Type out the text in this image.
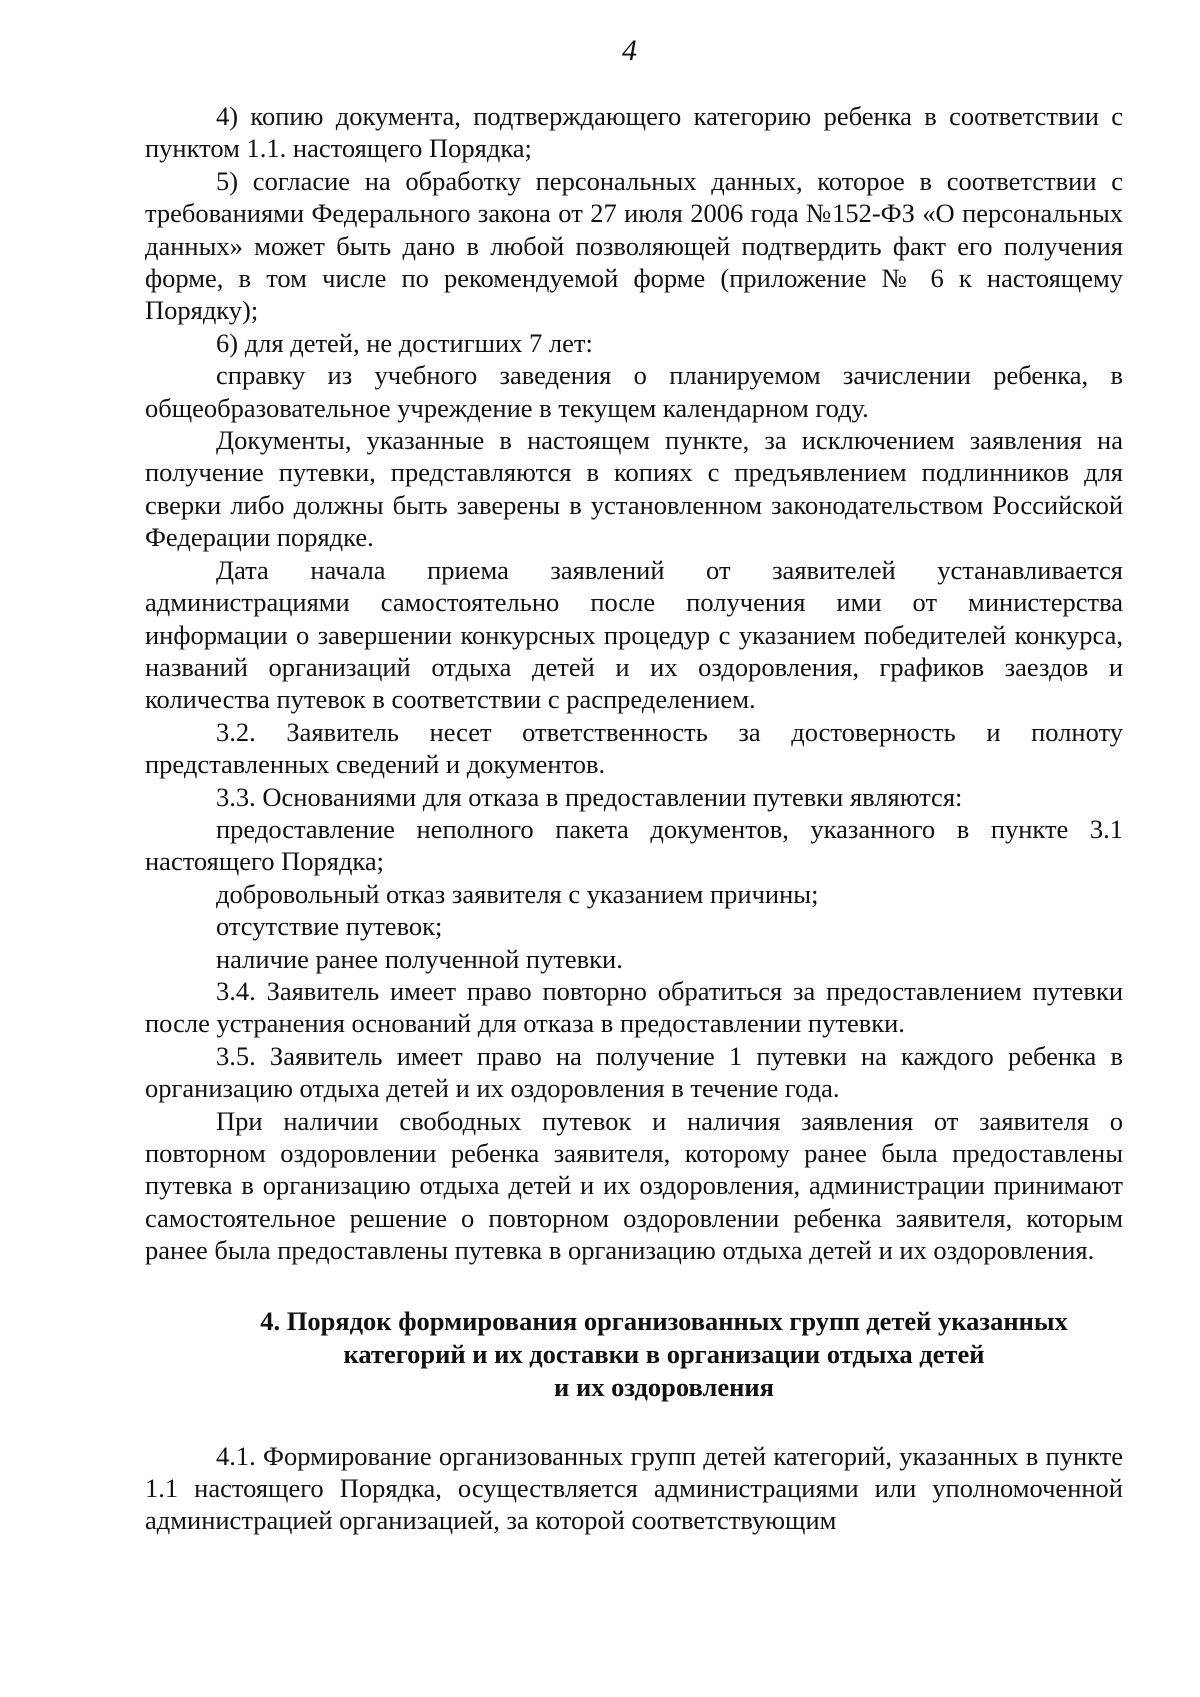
4

4) копию документа, подтверждающего категорию ребенка в соответствии с пунктом 1.1. настоящего Порядка;

5) согласие на обработку персональных данных, которое в соответствии с требованиями Федерального закона от 27 июля 2006 года №152-ФЗ «О персональных данных» может быть дано в любой позволяющей подтвердить факт его получения форме, в том числе по рекомендуемой форме (приложение № 6 к настоящему Порядку);

6) для детей, не достигших 7 лет:

справку из учебного заведения о планируемом зачислении ребенка, в общеобразовательное учреждение в текущем календарном году.

Документы, указанные в настоящем пункте, за исключением заявления на получение путевки, представляются в копиях с предъявлением подлинников для сверки либо должны быть заверены в установленном законодательством Российской Федерации порядке.

Дата начала приема заявлений от заявителей устанавливается администрациями самостоятельно после получения ими от министерства информации о завершении конкурсных процедур с указанием победителей конкурса, названий организаций отдыха детей и их оздоровления, графиков заездов и количества путевок в соответствии с распределением.

3.2. Заявитель несет ответственность за достоверность и полноту представленных сведений и документов.

3.3. Основаниями для отказа в предоставлении путевки являются:

предоставление неполного пакета документов, указанного в пункте 3.1 настоящего Порядка;

добровольный отказ заявителя с указанием причины;

отсутствие путевок;

наличие ранее полученной путевки.

3.4. Заявитель имеет право повторно обратиться за предоставлением путевки после устранения оснований для отказа в предоставлении путевки.

3.5. Заявитель имеет право на получение 1 путевки на каждого ребенка в организацию отдыха детей и их оздоровления в течение года.

При наличии свободных путевок и наличия заявления от заявителя о повторном оздоровлении ребенка заявителя, которому ранее была предоставлены путевка в организацию отдыха детей и их оздоровления, администрации принимают самостоятельное решение о повторном оздоровлении ребенка заявителя, которым ранее была предоставлены путевка в организацию отдыха детей и их оздоровления.

4. Порядок формирования организованных групп детей указанных
категорий и их доставки в организации отдыха детей
и их оздоровления

4.1. Формирование организованных групп детей категорий, указанных в пункте 1.1 настоящего Порядка, осуществляется администрациями или уполномоченной администрацией организацией, за которой соответствующим
